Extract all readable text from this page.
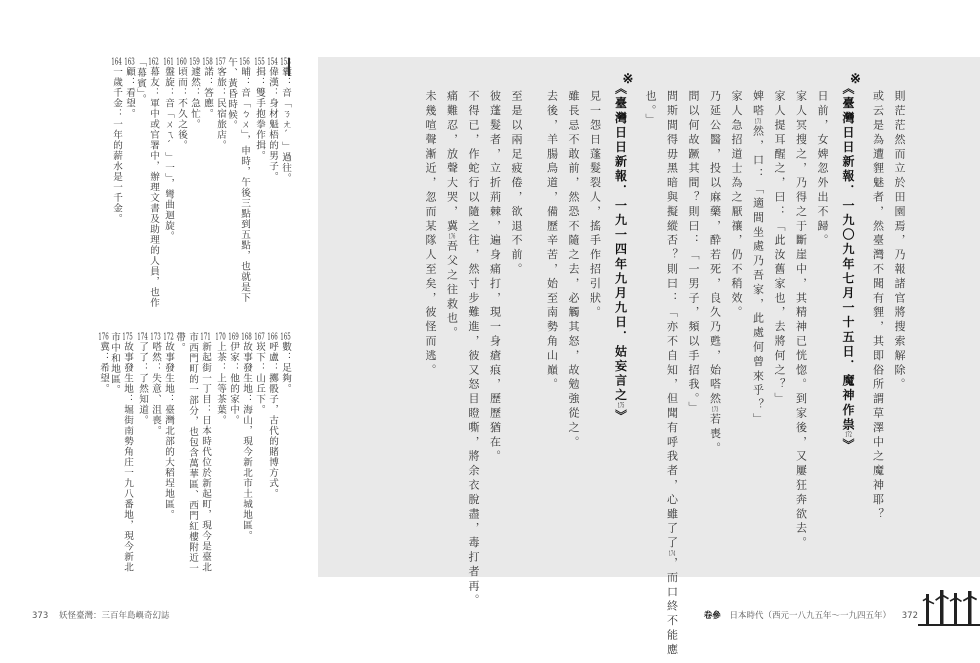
153囊：音「ㄋㄤˊ」過往。
154偉漢：身材魁梧的男子。
155揖：雙手抱拳作揖。
156晡：音「ㄅㄨ」，申時，午後三點到五點，也就是下午、黃昏時候。
157客旅：民宿旅店。
158諾：答應。
159遽然：急忙。
160頃而：不久之後。
161盤旋：音「ㄨㄟˊ」一」，彎曲迴旋。
162幕友：軍中或官署中，辦理文書及助理的人員，也作「幕賓」。
163顧：看望。
164一歲千金：一年的薪水是一千金。
165數：足夠。
166呼盧：擲骰子，古代的賭博方式。
167崁下：山丘下。
168故事發生地：海山，現今新北市土城地區。
169伊家：他的家中。
170上茶：上等茶葉。
171新起街一丁目：日本時代位於新起町，現今是臺北市西門町的一部分，也包含萬華區、西門紅樓附近一帶。
172故事發生地：臺灣北部的大稻埕地區。
173嗒然：失意、沮喪。
174了了：了然知道。
175故事發生地：堀街南勢角庄一九八番地，現今新北市中和地區。
176冀：希望。	則茫茫然而立於田園焉，乃報諸官將搜索解除。
或云是為遭貍魅者，然臺灣不聞有貍，其即俗所謂草澤中之魔神耶？
※
《臺灣日日新報．一九〇九年七月一十五日．魔神作祟172》
日前，女婢忽外出不歸。
家人冥搜之，乃得之于斷崖中，其精神已恍惚。到家後，又屢狂奔欲去。
家人提耳醒之，曰：「此汝舊家也，去將何之？」
婢嗒173然，口：「適間坐處乃吾家，此處何曾來乎？」
家人急招道士為之厭禳，仍不稍效。
乃延公醫，投以麻藥，酔若死，良久乃甦，始嗒然173若喪。
問以何故蹶其間？則曰：「一男子，頻以手招我。」
問斯間得毋黑暗與擬縱否？則曰：「亦不自知，但聞有呼我者，心雖了了174，而口終不能應
也。」
※
《臺灣日日新報．一九一四年九月九日．姑妄言之175》
見一怨日蓬髮裂人，搖手作招引狀。
雖長忌不敢前，然恐不隨之去，必觸其怒，故勉強從之。
去後，羊腸鳥道，備歷辛苦，始至南勢角山巔。
至是以兩足疲倦，欲退不前。
彼蓬髮者，立折荊棘，遍身痛打，現一身瘡痕，歷歷猶在。
不得已，作蛇行以隨之往，然寸步難進，彼又怒目瞪嘶，將余衣脫盡，毒打者再。
痛難忍，放聲大哭，冀176吾父之往救也。
未幾喧聲漸近，忽而某隊人至矣，彼怪而逃。
373 妖怪臺灣：三百年島嶼奇幻誌	卷參 日本時代（西元一八九五年～一九四五年） 372
